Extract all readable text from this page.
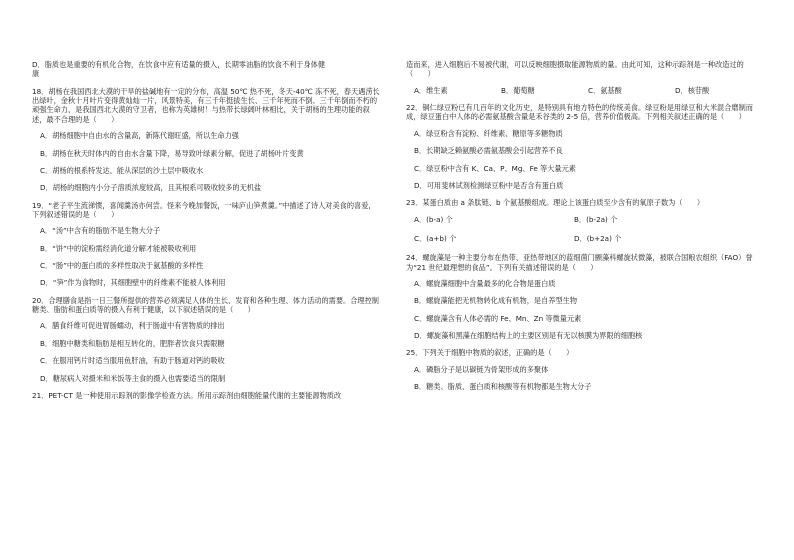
D．脂质也是重要的有机化合物，在饮食中应有适量的摄入，长期零油脂的饮食不利于身体健
康
18．胡杨在我国西北大漠的干旱的盐碱地有一定的分布，高温 50℃ 热不死，冬天-40℃ 冻不死，春天遇涝长出绿叶，金秋十月叶片变得黄灿灿一片，风景特美，有三千年挺拔生长、三千年死而不倒、三千年倒而不朽的顽强生命力，是我国西北大漠的守卫者，也称为英雄树！与热带长绿阔叶林相比，关于胡杨的生理功能的叙述，最不合理的是（　　）
A．胡杨细胞中自由水的含量高，新陈代谢旺盛，所以生命力强
B．胡杨在秋天时体内的自由水含量下降，易导致叶绿素分解，促进了胡杨叶片变黄
C．胡杨的根系特发达，能从深层的沙土层中吸收水
D．胡杨的细胞内小分子溶质浓度较高，且其根系可吸收较多的无机盐
19．“老子平生流涕惯，喜闻羹汤亦何尝。怪来今晚加餐饭，一味庐山笋煮羹。”中描述了诗人对美食的喜爱，下列叙述错误的是（　　）
A．“汤”中含有的脂肪不是生物大分子
B．“饼”中的淀粉需经消化道分解才能被吸收利用
C．“肠”中的蛋白质的多样性取决于氨基酸的多样性
D．“笋”作为食物时，其细胞壁中的纤维素不能被人体利用
20．合理膳食是指一日三餐所提供的营养必须满足人体的生长、发育和各种生理、体力活动的需要。合理控制糖类、脂肪和蛋白质等的摄入有利于健康，以下叙述错误的是（　　）
A．膳食纤维可促进胃肠蠕动，利于肠道中有害物质的排出
B．细胞中糖类和脂肪是相互转化的，肥胖者饮食只需限糖
C．在服用钙片时适当服用鱼肝油，有助于肠道对钙的吸收
D．糖尿病人对摄米和米饭等主食的摄入也需要适当的限制
21．PET-CT 是一种使用示踪剂的影像学检查方法。所用示踪剂由细胞能量代谢的主要能源物质改
造而来，进入细胞后不易被代谢，可以反映细胞摄取能源物质的量。由此可知，这种示踪剂是一种改造过的（　　）
A．维生素	B．葡萄糖	C．氨基酸	D．核苷酸
22．铜仁绿豆粉已有几百年的文化历史，是特别具有地方特色的传统美食。绿豆粉是用绿豆和大米混合磨制而成，绿豆蛋白中人体的必需氨基酸含量是禾谷类的 2-5 倍，营养价值极高。下列相关叙述正确的是（　　）
A．绿豆粉含有淀粉、纤维素、糖原等多糖物质
B．长期缺乏赖氨酸必需氨基酸会引起营养不良
C．绿豆粉中含有 K、Ca、P、Mg、Fe 等大量元素
D．可用斐林试剂检测绿豆粉中是否含有蛋白质
23．某蛋白质由 a 条肽链、b 个氨基酸组成。理论上该蛋白质至少含有的氧原子数为（　　）
A．(b-a) 个	B．(b-2a) 个
C．(a+b) 个	D．(b+2a) 个
24．螺旋藻是一种主要分布在热带、亚热带地区的蓝细菌门颤藻科螺旋状微藻，被联合国粮农组织（FAO）誉为“21 世纪最理想的食品”。下列有关描述错误的是（　　）
A．螺旋藻细胞中含量最多的化合物是蛋白质
B．螺旋藻能把无机物转化成有机物，是自养型生物
C．螺旋藻含有人体必需的 Fe、Mn、Zn 等微量元素
D．螺旋藻和黑藻在细胞结构上的主要区别是有无以核膜为界限的细胞核
25．下列关于细胞中物质的叙述，正确的是（　　）
A．磷脂分子是以碳链为骨架形成的多聚体
B．糖类、脂质、蛋白质和核酸等有机物都是生物大分子
